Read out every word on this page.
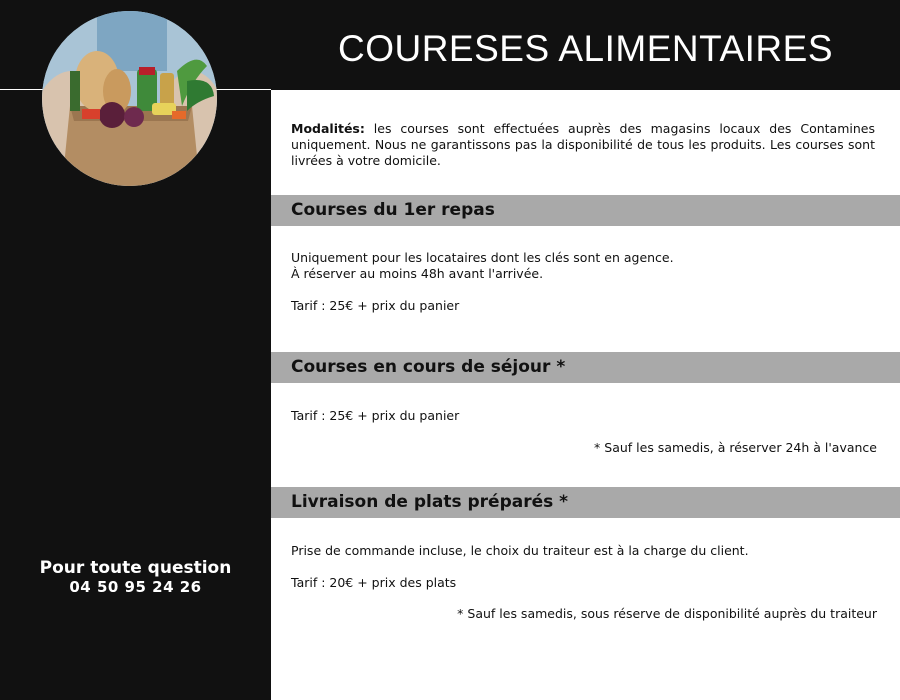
Pour toute question
04 50 95 24 26
COURESES ALIMENTAIRES
Modalités: les courses sont effectuées auprès des magasins locaux des Contamines uniquement. Nous ne garantissons pas la disponibilité de tous les produits. Les courses sont livrées à votre domicile.
Courses du 1er repas
Uniquement pour les locataires dont les clés sont en agence.
À réserver au moins 48h avant l'arrivée.
Tarif : 25€ + prix du panier
Courses en cours de séjour *
Tarif : 25€ + prix du panier
* Sauf les samedis, à réserver 24h à l'avance
Livraison de plats préparés *
Prise de commande incluse, le choix du traiteur est à la charge du client.
Tarif : 20€ + prix des plats
* Sauf les samedis, sous réserve de disponibilité auprès du traiteur
